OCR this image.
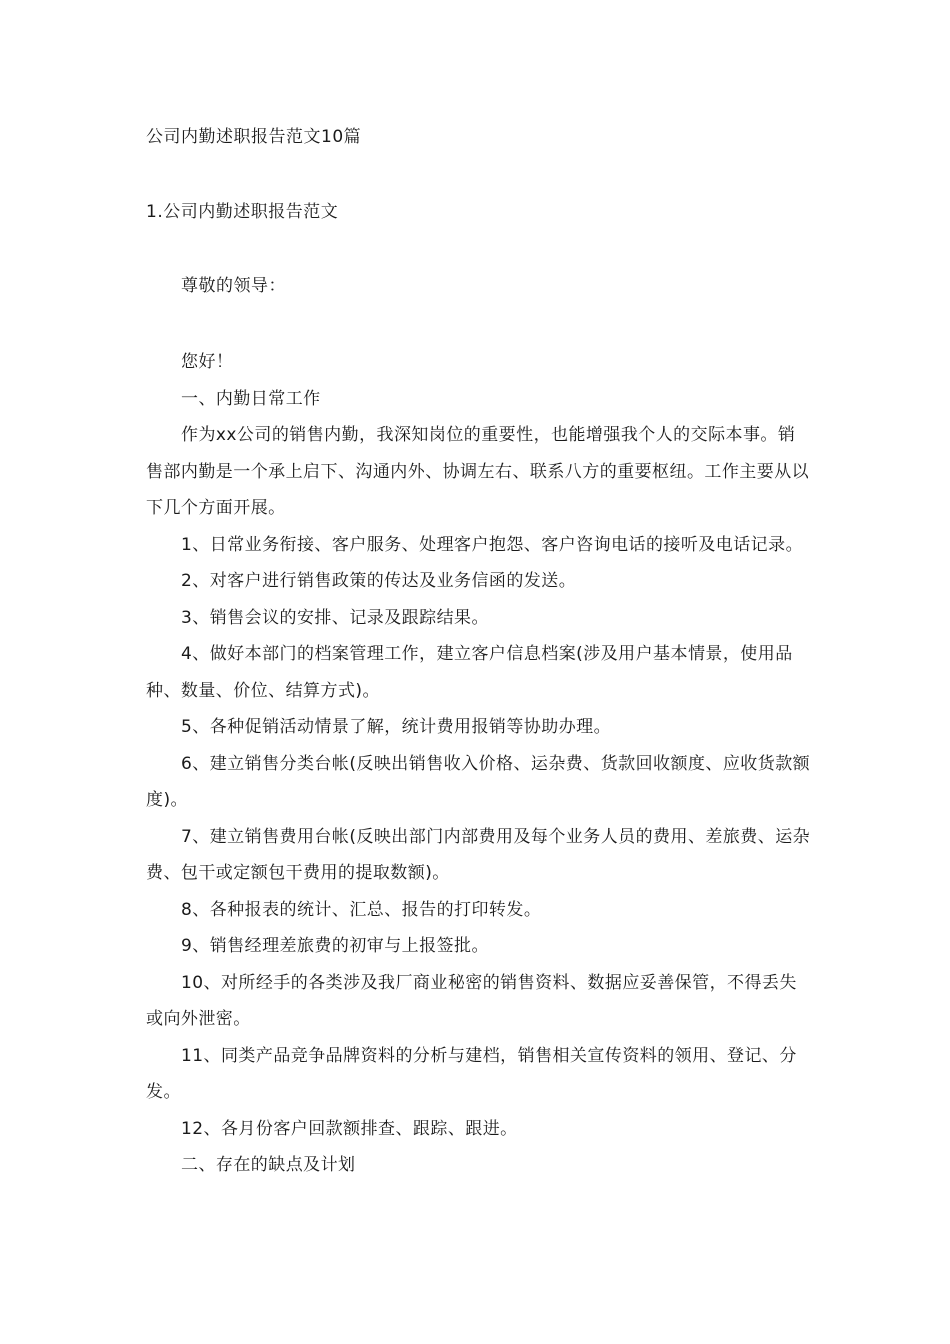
公司内勤述职报告范文10篇
1.公司内勤述职报告范文
尊敬的领导：

您好！

一、内勤日常工作

作为xx公司的销售内勤，我深知岗位的重要性，也能增强我个人的交际本事。销售部内勤是一个承上启下、沟通内外、协调左右、联系八方的重要枢纽。工作主要从以下几个方面开展。

1、日常业务衔接、客户服务、处理客户抱怨、客户咨询电话的接听及电话记录。

2、对客户进行销售政策的传达及业务信函的发送。

3、销售会议的安排、记录及跟踪结果。

4、做好本部门的档案管理工作，建立客户信息档案(涉及用户基本情景，使用品种、数量、价位、结算方式)。

5、各种促销活动情景了解，统计费用报销等协助办理。

6、建立销售分类台帐(反映出销售收入价格、运杂费、货款回收额度、应收货款额度)。

7、建立销售费用台帐(反映出部门内部费用及每个业务人员的费用、差旅费、运杂费、包干或定额包干费用的提取数额)。

8、各种报表的统计、汇总、报告的打印转发。

9、销售经理差旅费的初审与上报签批。

10、对所经手的各类涉及我厂商业秘密的销售资料、数据应妥善保管，不得丢失或向外泄密。

11、同类产品竞争品牌资料的分析与建档，销售相关宣传资料的领用、登记、分发。

12、各月份客户回款额排查、跟踪、跟进。

二、存在的缺点及计划
